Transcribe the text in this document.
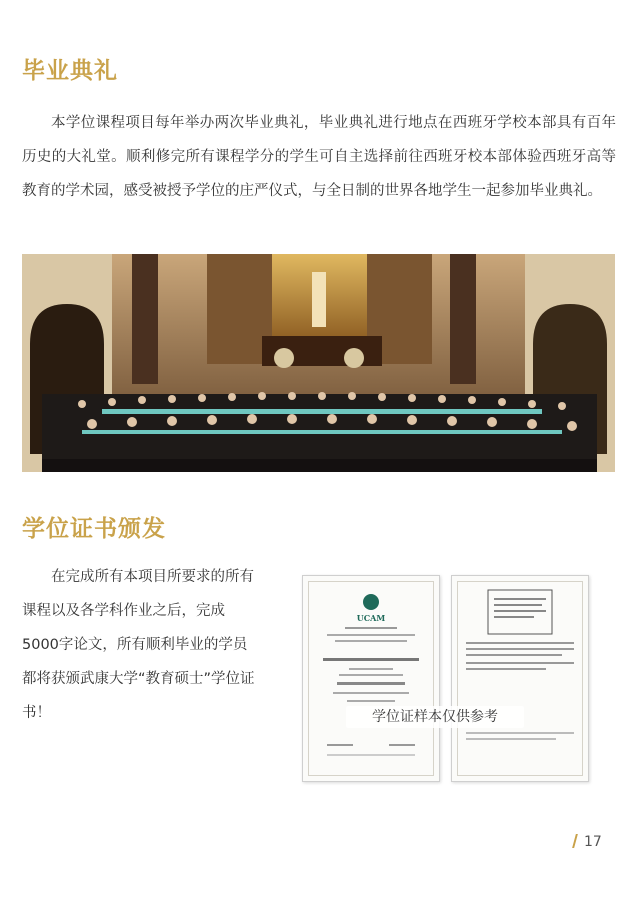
毕业典礼
本学位课程项目每年举办两次毕业典礼，毕业典礼进行地点在西班牙学校本部具有百年历史的大礼堂。顺利修完所有课程学分的学生可自主选择前往西班牙校本部体验西班牙高等教育的学术园，感受被授予学位的庄严仪式，与全日制的世界各地学生一起参加毕业典礼。
学位证书颁发
在完成所有本项目所要求的所有课程以及各学科作业之后，完成5000字论文，所有顺利毕业的学员都将获颁武康大学“教育硕士”学位证书！
UCAM
学位证样本仅供参考
17
